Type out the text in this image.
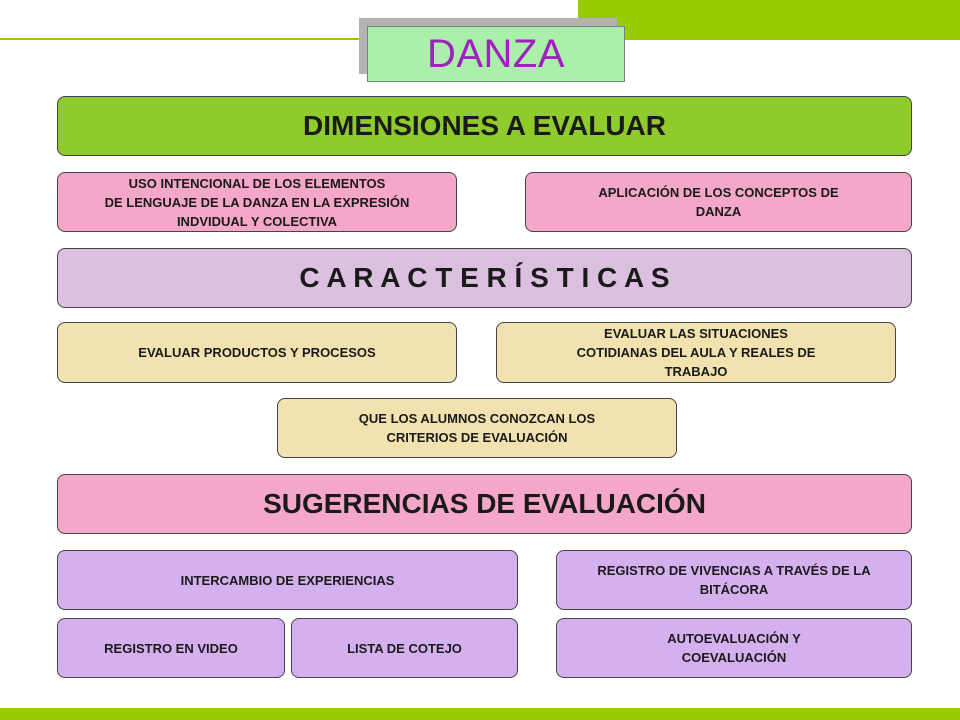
DANZA
DIMENSIONES A EVALUAR
USO INTENCIONAL DE LOS ELEMENTOS
DE LENGUAJE DE LA DANZA EN LA EXPRESIÓN
INDVIDUAL Y COLECTIVA
APLICACIÓN DE LOS CONCEPTOS DE
DANZA
C A R A C T E R Í S T I C A S
EVALUAR PRODUCTOS Y PROCESOS
EVALUAR LAS SITUACIONES
COTIDIANAS DEL AULA Y REALES DE
TRABAJO
QUE LOS ALUMNOS CONOZCAN LOS
CRITERIOS DE EVALUACIÓN
SUGERENCIAS DE EVALUACIÓN
INTERCAMBIO DE EXPERIENCIAS
REGISTRO DE VIVENCIAS A TRAVÉS DE LA
BITÁCORA
REGISTRO EN VIDEO	LISTA DE COTEJO
AUTOEVALUACIÓN Y
COEVALUACIÓN
